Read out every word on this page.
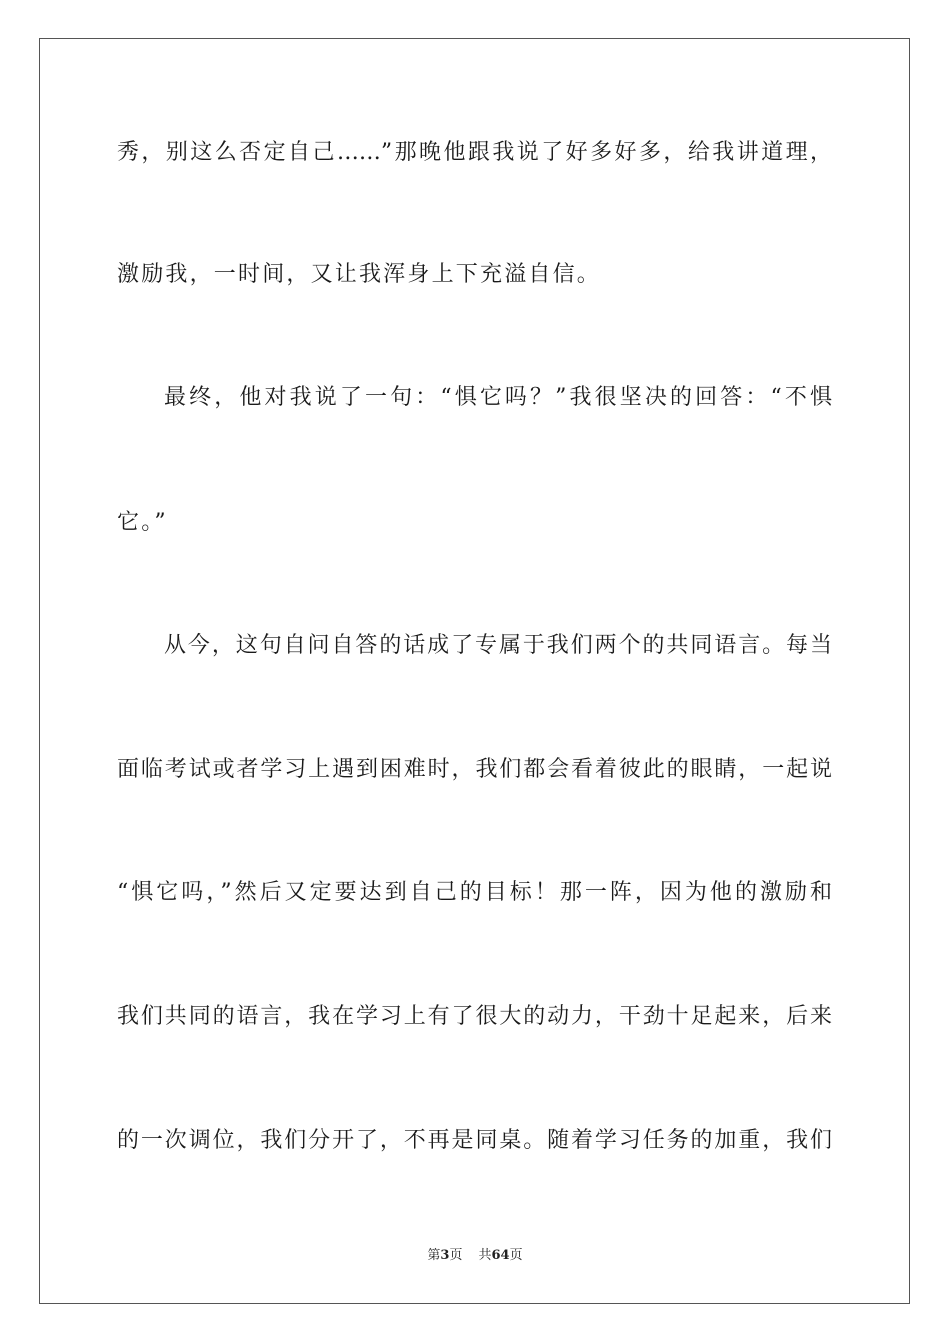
秀，别这么否定自己……”那晚他跟我说了好多好多，给我讲道理，
激励我，一时间，又让我浑身上下充溢自信。
最终，他对我说了一句：“惧它吗？”我很坚决的回答：“不惧
它。”
从今，这句自问自答的话成了专属于我们两个的共同语言。每当
面临考试或者学习上遇到困难时，我们都会看着彼此的眼睛，一起说
“惧它吗，”然后又定要达到自己的目标！那一阵，因为他的激励和
我们共同的语言，我在学习上有了很大的动力，干劲十足起来，后来
的一次调位，我们分开了，不再是同桌。随着学习任务的加重，我们
第3页 共64页
